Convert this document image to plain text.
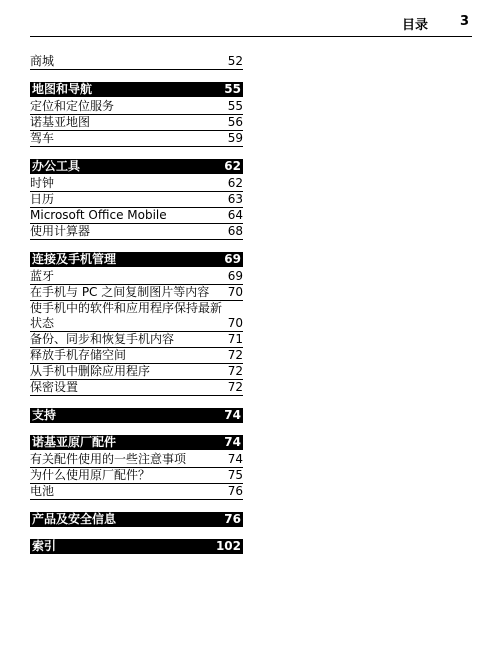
目录 3
商城	52
地图和导航	55
定位和定位服务	55
诺基亚地图	56
驾车	59
办公工具	62
时钟	62
日历	63
Microsoft Office Mobile	64
使用计算器	68
连接及手机管理	69
蓝牙	69
在手机与 PC 之间复制图片等内容	70
使手机中的软件和应用程序保持最新状态	70
备份、同步和恢复手机内容	71
释放手机存储空间	72
从手机中删除应用程序	72
保密设置	72
支持	74
诺基亚原厂配件	74
有关配件使用的一些注意事项	74
为什么使用原厂配件？	75
电池	76
产品及安全信息	76
索引	102
